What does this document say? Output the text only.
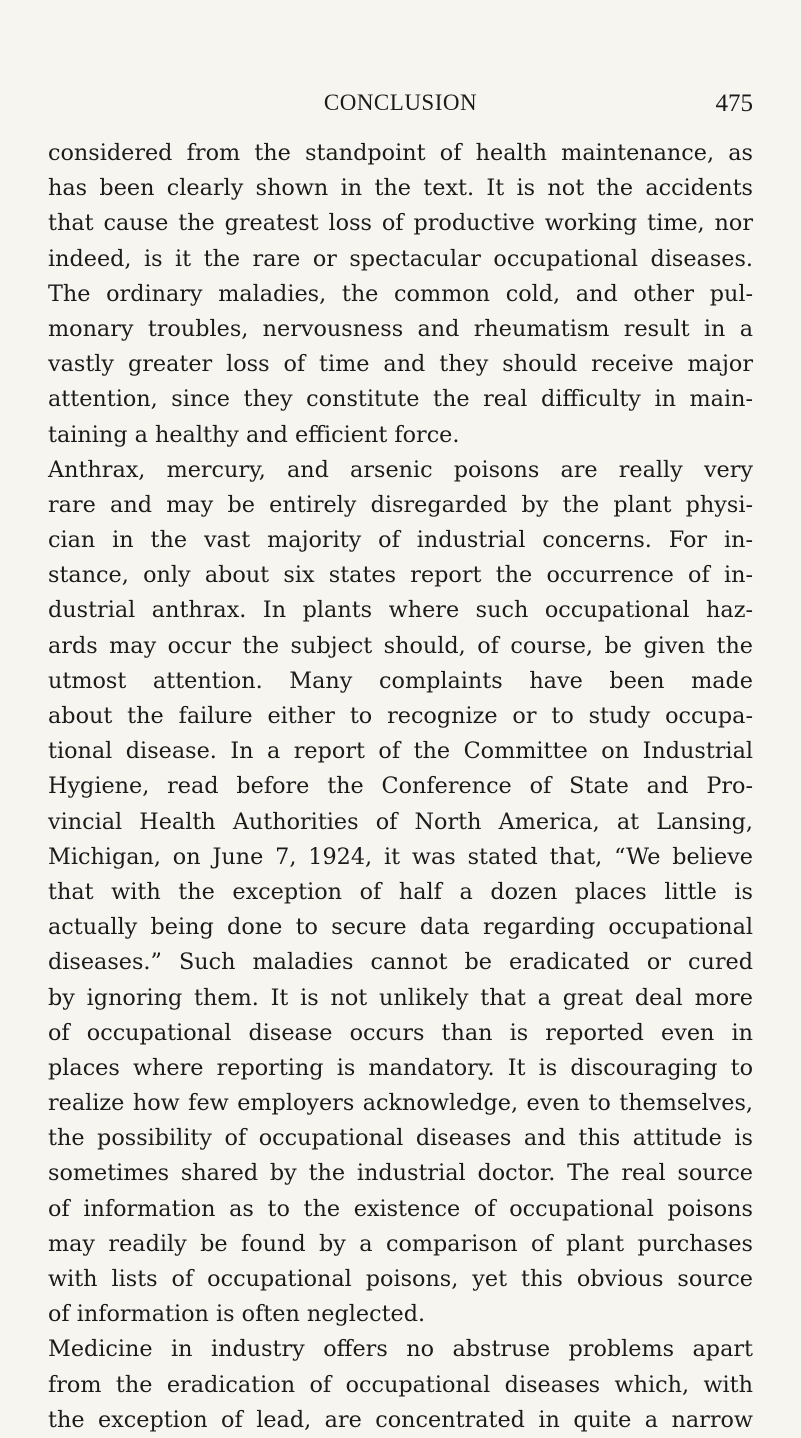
CONCLUSION	475
considered from the standpoint of health maintenance, as
has been clearly shown in the text. It is not the accidents
that cause the greatest loss of productive working time, nor
indeed, is it the rare or spectacular occupational diseases.
The ordinary maladies, the common cold, and other pul-
monary troubles, nervousness and rheumatism result in a
vastly greater loss of time and they should receive major
attention, since they constitute the real difficulty in main-
taining a healthy and efficient force.
Anthrax, mercury, and arsenic poisons are really very
rare and may be entirely disregarded by the plant physi-
cian in the vast majority of industrial concerns. For in-
stance, only about six states report the occurrence of in-
dustrial anthrax. In plants where such occupational haz-
ards may occur the subject should, of course, be given the
utmost attention. Many complaints have been made
about the failure either to recognize or to study occupa-
tional disease. In a report of the Committee on Industrial
Hygiene, read before the Conference of State and Pro-
vincial Health Authorities of North America, at Lansing,
Michigan, on June 7, 1924, it was stated that, “We believe
that with the exception of half a dozen places little is
actually being done to secure data regarding occupational
diseases.” Such maladies cannot be eradicated or cured
by ignoring them. It is not unlikely that a great deal more
of occupational disease occurs than is reported even in
places where reporting is mandatory. It is discouraging to
realize how few employers acknowledge, even to themselves,
the possibility of occupational diseases and this attitude is
sometimes shared by the industrial doctor. The real source
of information as to the existence of occupational poisons
may readily be found by a comparison of plant purchases
with lists of occupational poisons, yet this obvious source
of information is often neglected.
Medicine in industry offers no abstruse problems apart
from the eradication of occupational diseases which, with
the exception of lead, are concentrated in quite a narrow
